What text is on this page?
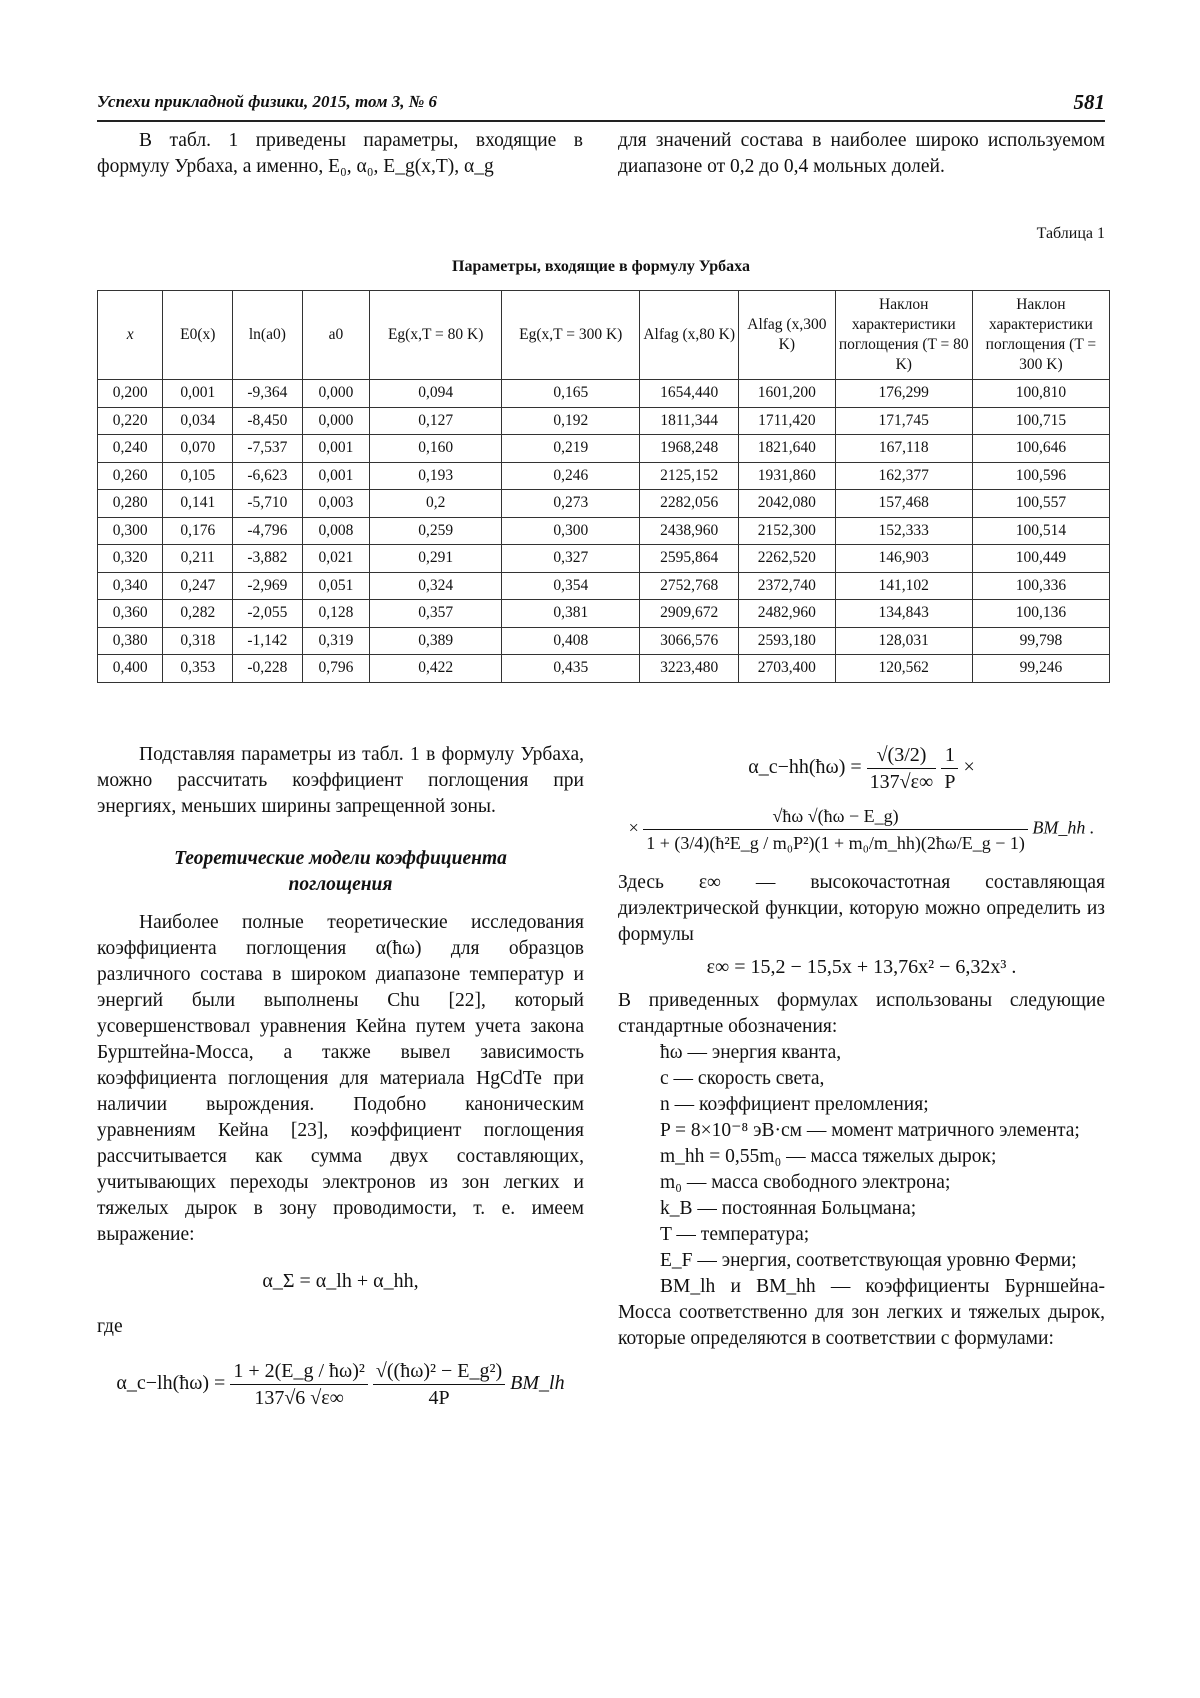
Успехи прикладной физики, 2015, том 3, № 6	581

В табл. 1 приведены параметры, входящие в формулу Урбаха, а именно, E₀, α₀, E_g(x,T), α_g

для значений состава в наиболее широко используемом диапазоне от 0,2 до 0,4 мольных долей.

Таблица 1
Параметры, входящие в формулу Урбаха
x	E0(x)	ln(a0)	a0	Eg(x,T = 80 K)	Eg(x,T = 300 K)	Alfag (x,80 K)	Alfag (x,300 K)	Наклон характеристики поглощения (T = 80 K)	Наклон характеристики поглощения (T = 300 K)
0,200	0,001	-9,364	0,000	0,094	0,165	1654,440	1601,200	176,299	100,810
0,220	0,034	-8,450	0,000	0,127	0,192	1811,344	1711,420	171,745	100,715
0,240	0,070	-7,537	0,001	0,160	0,219	1968,248	1821,640	167,118	100,646
0,260	0,105	-6,623	0,001	0,193	0,246	2125,152	1931,860	162,377	100,596
0,280	0,141	-5,710	0,003	0,2	0,273	2282,056	2042,080	157,468	100,557
0,300	0,176	-4,796	0,008	0,259	0,300	2438,960	2152,300	152,333	100,514
0,320	0,211	-3,882	0,021	0,291	0,327	2595,864	2262,520	146,903	100,449
0,340	0,247	-2,969	0,051	0,324	0,354	2752,768	2372,740	141,102	100,336
0,360	0,282	-2,055	0,128	0,357	0,381	2909,672	2482,960	134,843	100,136
0,380	0,318	-1,142	0,319	0,389	0,408	3066,576	2593,180	128,031	99,798
0,400	0,353	-0,228	0,796	0,422	0,435	3223,480	2703,400	120,562	99,246

Подставляя параметры из табл. 1 в формулу Урбаха, можно рассчитать коэффициент поглощения при энергиях, меньших ширины запрещенной зоны.

Теоретические модели коэффициента поглощения

Наиболее полные теоретические исследования коэффициента поглощения α(ħω) для образцов различного состава в широком диапазоне температур и энергий были выполнены Chu [22], который усовершенствовал уравнения Кейна путем учета закона Бурштейна-Мосса, а также вывел зависимость коэффициента поглощения для материала HgCdTe при наличии вырождения. Подобно каноническим уравнениям Кейна [23], коэффициент поглощения рассчитывается как сумма двух составляющих, учитывающих переходы электронов из зон легких и тяжелых дырок в зону проводимости, т. е. имеем выражение:

α_Σ = α_lh + α_hh,

где

α_c−lh(ħω) = $\frac{\text{1 + 2(E\_g / ħω)²}}{137√6 √\varepsilon\infty}$
$\frac{\text{√((ħω)² − E\_g²)}}{4P}$ BM_lh
α_c−hh(ħω) = $\frac{√(3/2)}{137√\varepsilon\infty}$
$\frac{1}{P}$ ×
× $\frac{√ħ\omega √(ħ\omega - E\_g)}{\text{1 + (3/4)(ħ²E\_g / m₀P²)(1 + m₀/m\_hh)(2ħω/E\_g − 1)}}$ BM_hh .

Здесь ε∞ — высокочастотная составляющая диэлектрической функции, которую можно определить из формулы

ε∞ = 15,2 − 15,5x + 13,76x² − 6,32x³ .

В приведенных формулах использованы следующие стандартные обозначения:

ħω — энергия кванта,

c — скорость света,

n — коэффициент преломления;

P = 8×10⁻⁸ эВ·см — момент матричного элемента;

m_hh = 0,55m₀ — масса тяжелых дырок;

m₀ — масса свободного электрона;

k_B — постоянная Больцмана;

T — температура;

E_F — энергия, соответствующая уровню Ферми;

BM_lh и BM_hh — коэффициенты Бурншейна-Мосса соответственно для зон легких и тяжелых дырок, которые определяются в соответствии с формулами:
